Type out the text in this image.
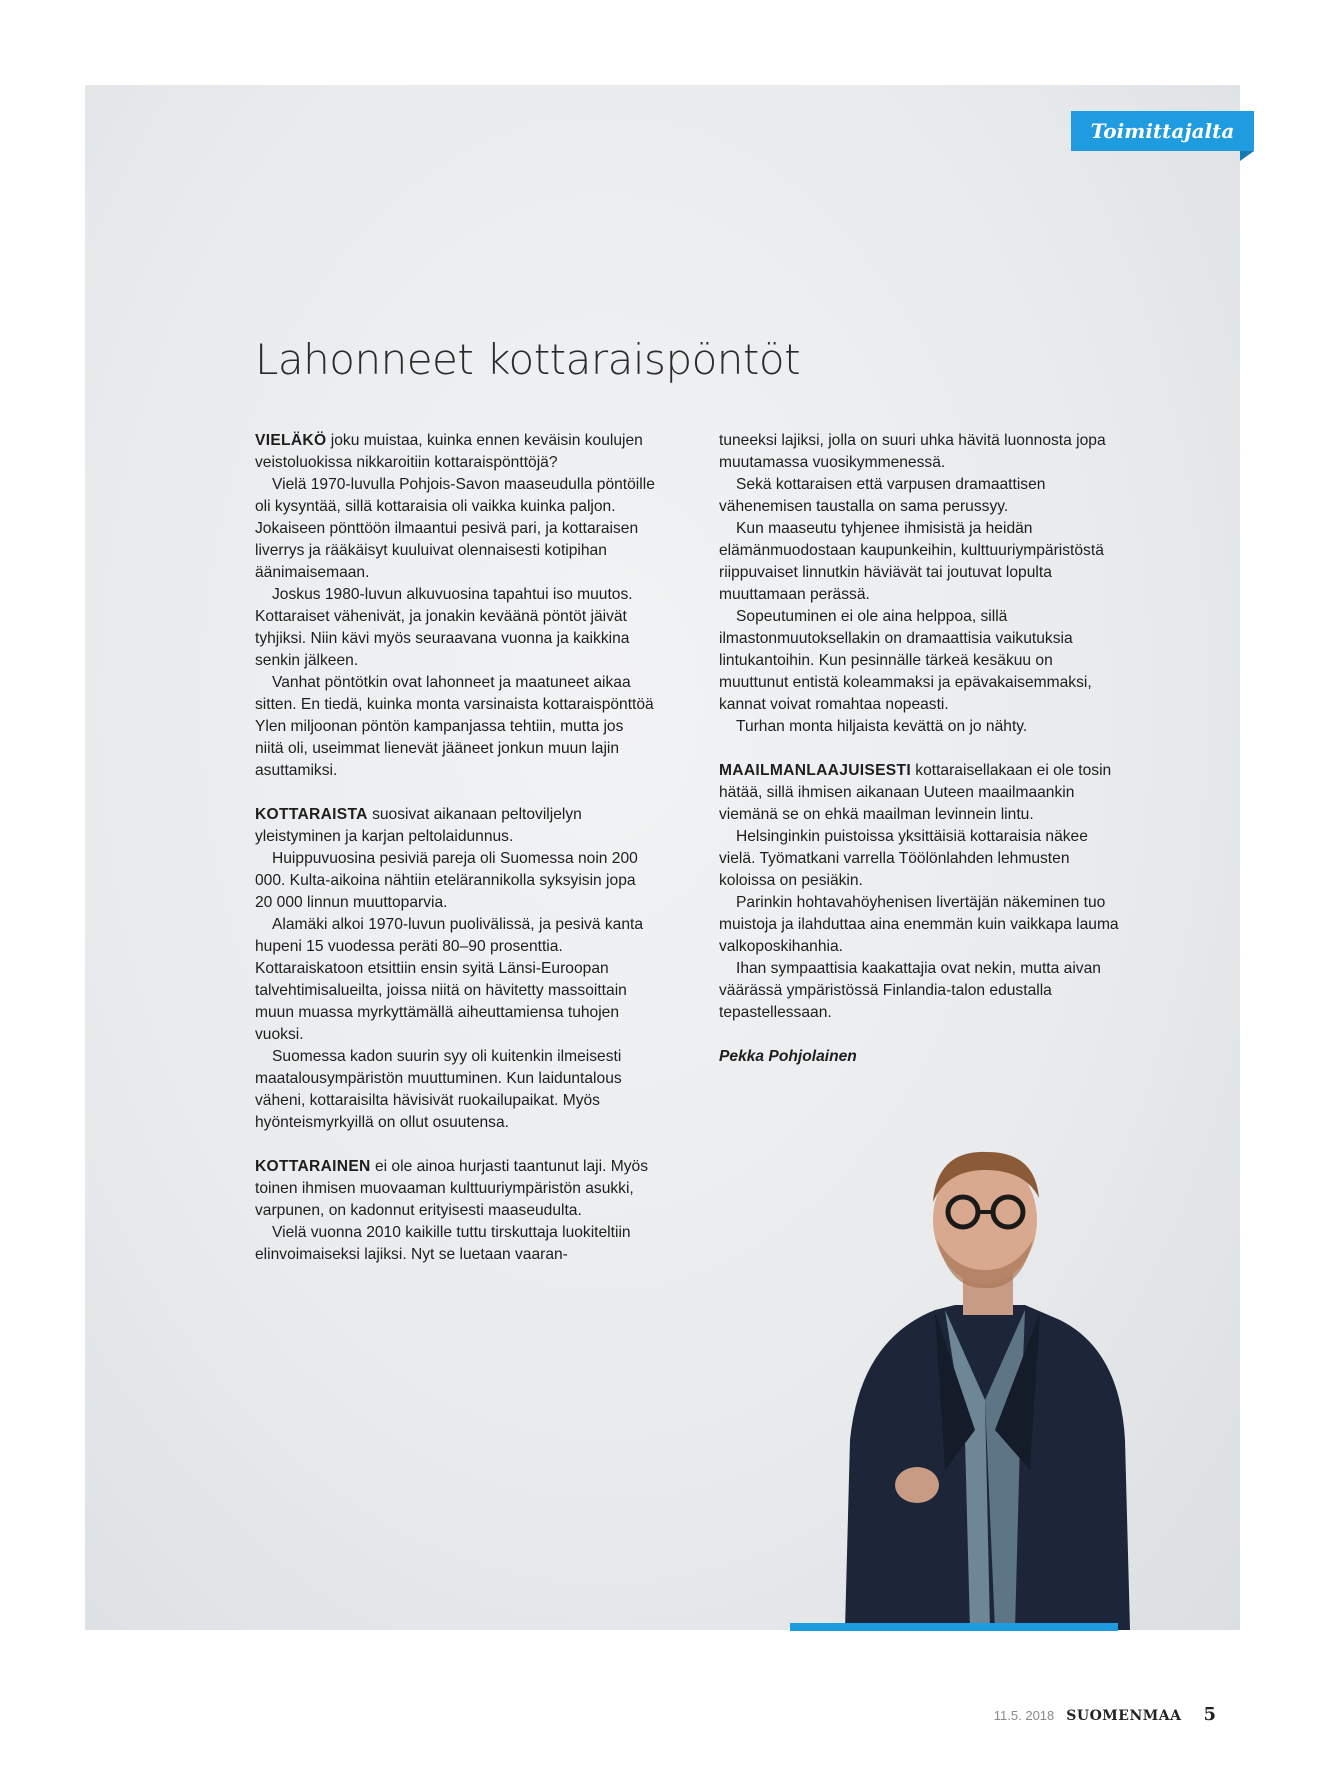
Toimittajalta
Lahonneet kottaraispöntöt

VIELÄKÖ joku muistaa, kuinka ennen keväisin koulujen veistoluokissa nikkaroitiin kottaraispönttöjä?

Vielä 1970-luvulla Pohjois-Savon maaseudulla pöntöille oli kysyntää, sillä kottaraisia oli vaikka kuinka paljon. Jokaiseen pönttöön ilmaantui pesivä pari, ja kottaraisen liverrys ja rääkäisyt kuuluivat olennaisesti kotipihan äänimaisemaan.

Joskus 1980-luvun alkuvuosina tapahtui iso muutos. Kottaraiset vähenivät, ja jonakin keväänä pöntöt jäivät tyhjiksi. Niin kävi myös seuraavana vuonna ja kaikkina senkin jälkeen.

Vanhat pöntötkin ovat lahonneet ja maatuneet aikaa sitten. En tiedä, kuinka monta varsinaista kottaraispönttöä Ylen miljoonan pöntön kampanjassa tehtiin, mutta jos niitä oli, useimmat lienevät jääneet jonkun muun lajin asuttamiksi.

KOTTARAISTA suosivat aikanaan peltoviljelyn yleistyminen ja karjan peltolaidunnus.

Huippuvuosina pesiviä pareja oli Suomessa noin 200 000. Kulta-aikoina nähtiin etelärannikolla syksyisin jopa 20 000 linnun muuttoparvia.

Alamäki alkoi 1970-luvun puolivälissä, ja pesivä kanta hupeni 15 vuodessa peräti 80–90 prosenttia. Kottaraiskatoon etsittiin ensin syitä Länsi-Euroopan talvehtimisalueilta, joissa niitä on hävitetty massoittain muun muassa myrkyttämällä aiheuttamiensa tuhojen vuoksi.

Suomessa kadon suurin syy oli kuitenkin ilmeisesti maatalousympäristön muuttuminen. Kun laiduntalous väheni, kottaraisilta hävisivät ruokailupaikat. Myös hyönteismyrkyillä on ollut osuutensa.

KOTTARAINEN ei ole ainoa hurjasti taantunut laji. Myös toinen ihmisen muovaaman kulttuuriympäristön asukki, varpunen, on kadonnut erityisesti maaseudulta.

Vielä vuonna 2010 kaikille tuttu tirskuttaja luokiteltiin elinvoimaiseksi lajiksi. Nyt se luetaan vaaran-

tuneeksi lajiksi, jolla on suuri uhka hävitä luonnosta jopa muutamassa vuosikymmenessä.

Sekä kottaraisen että varpusen dramaattisen vähenemisen taustalla on sama perussyy.

Kun maaseutu tyhjenee ihmisistä ja heidän elämänmuodostaan kaupunkeihin, kulttuuriympäristöstä riippuvaiset linnutkin häviävät tai joutuvat lopulta muuttamaan perässä.

Sopeutuminen ei ole aina helppoa, sillä ilmastonmuutoksellakin on dramaattisia vaikutuksia lintukantoihin. Kun pesinnälle tärkeä kesäkuu on muuttunut entistä koleammaksi ja epävakaisemmaksi, kannat voivat romahtaa nopeasti.

Turhan monta hiljaista kevättä on jo nähty.

MAAILMANLAAJUISESTI kottaraisellakaan ei ole tosin hätää, sillä ihmisen aikanaan Uuteen maailmaankin viemänä se on ehkä maailman levinnein lintu.

Helsinginkin puistoissa yksittäisiä kottaraisia näkee vielä. Työmatkani varrella Töölönlahden lehmusten koloissa on pesiäkin.

Parinkin hohtavahöyhenisen livertäjän näkeminen tuo muistoja ja ilahduttaa aina enemmän kuin vaikkapa lauma valkoposkihanhia.

Ihan sympaattisia kaakattajia ovat nekin, mutta aivan väärässä ympäristössä Finlandia-talon edustalla tepastellessaan.

Pekka Pohjolainen
11.5. 2018 SUOMENMAA 5
